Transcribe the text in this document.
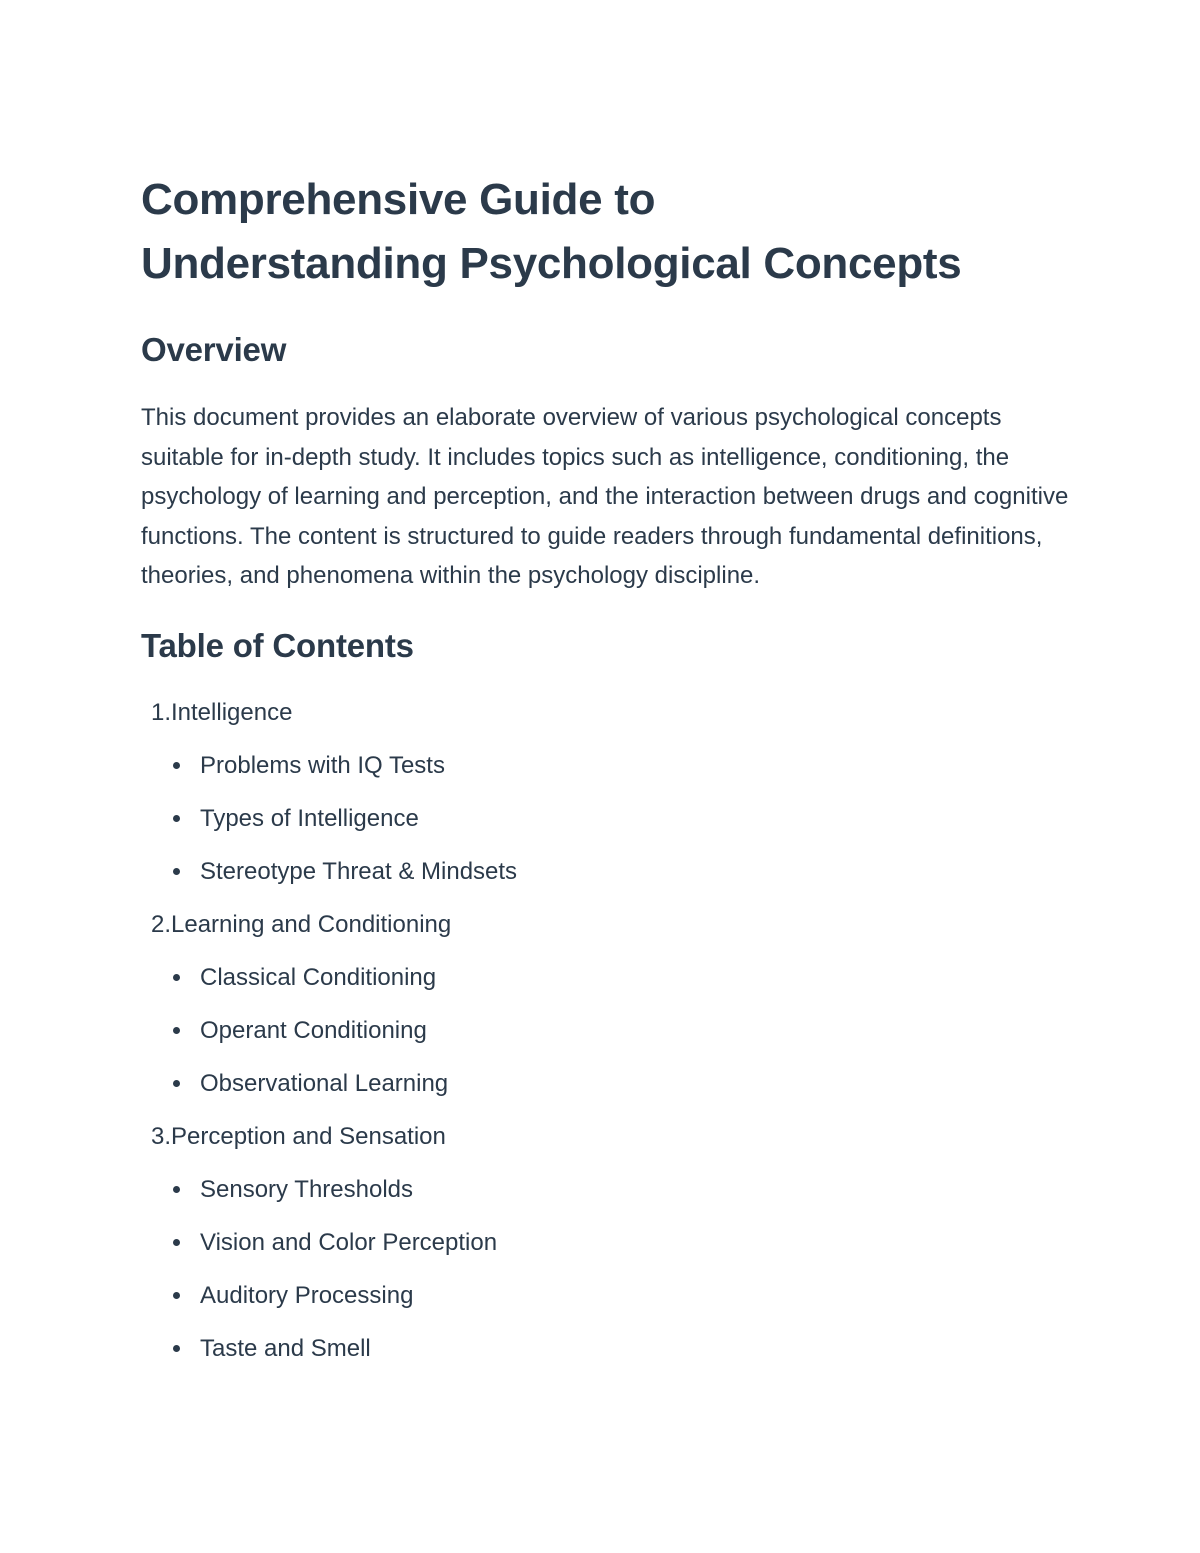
Comprehensive Guide to
Understanding Psychological Concepts
Overview

This document provides an elaborate overview of various psychological concepts suitable for in-depth study. It includes topics such as intelligence, conditioning, the psychology of learning and perception, and the interaction between drugs and cognitive functions. The content is structured to guide readers through fundamental definitions, theories, and phenomena within the psychology discipline.

Table of Contents
1. Intelligence
Problems with IQ Tests
Types of Intelligence
Stereotype Threat & Mindsets
2. Learning and Conditioning
Classical Conditioning
Operant Conditioning
Observational Learning
3. Perception and Sensation
Sensory Thresholds
Vision and Color Perception
Auditory Processing
Taste and Smell
